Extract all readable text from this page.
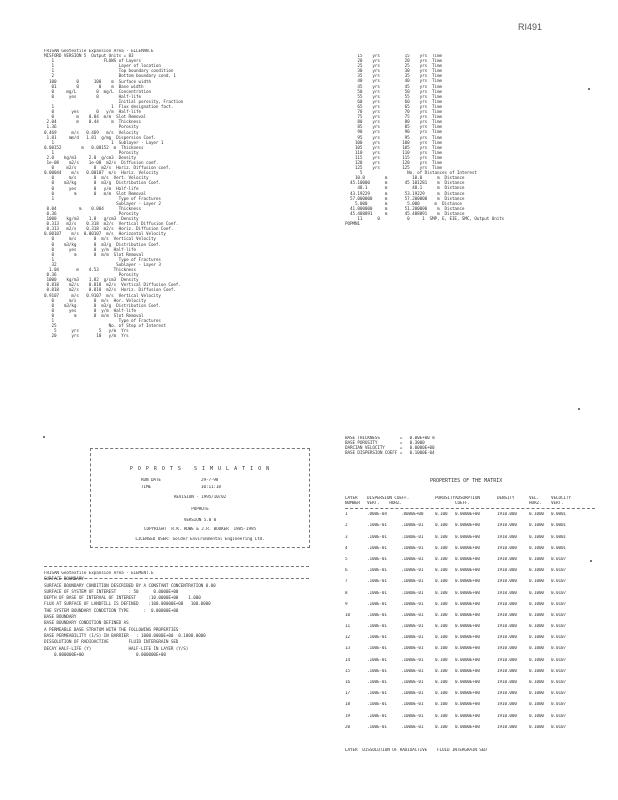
RI491
FRISAN Geotextile Expansion Area - ELLEMAN.E
MISFORD VERSION 5  Output Units = 83
1                    FLOWS of Layers
1                          Layer of location
1                          Top boundary condition
2                          Bottom boundary cond. 1
100        0      100    m  Surface width
01        0        0    m  Base width
0     mg/L        0  mg/L  Concentration
0      yes        0        Half-life
Initial porosity, Fraction
1                       1  Flux designation fact.
0       yes       0   y/m  Half-life
0         m    0.04  m/m  Slot Removal
2.04        m    0.44     m  Thickness
1.36                         Porosity
0.469      m/s   0.469   m/s  Velocity
1.81     mm/d   1.81  g/mg  Dispersion Coef.
1                       1  Sublayer - Layer 1
0.00152        m   0.00152  m  Thickness
1                          Porosity
2.0    kg/m3     2.0  g/cm3  Density
1e-08    m2/s    1e-08  m2/s  Diffusion coef.
0     m2/s       0  m2/s  Horiz. Diffusion coef.
0.00044    m/s   0.00107  m/s  Horiz. Velocity
0      m/s       0  m/s  Vert. Velocity
0    m3/kg       0  m3/g  Distribution Coef.
0      yes       0   y/m  Half-life
0        m       0   m/m  Slot Removal
1                          Type of Fractures
Sublayer - Layer 2
8.04         m    0.004      Thickness
0.36                         Porosity
1000    kg/m3    1.8   g/cm3  Density
0.313   m2/s    0.318  m2/s  Vertical Diffusion Coef.
0.313   m2/s    0.318  m2/s  Horiz. Diffusion Coef.
0.00107    m/s  0.00107  m/s  Horizontal Velocity
0      m/s       0  m/s  Vertical Velocity
0    m3/kg       0  m3/g  Distribution Coef.
0      yes       0  y/m  Half-life
0        m       0  m/m  Slot Removal
1                          Type of Fractures
32                        Sublayer - Layer 3
1.04       m    4.53      Thickness
0.36                         Porosity
1000    kg/m3    1.82  g/cm3  Density
0.818    m2/s    0.818  m2/s  Vertical Diffusion Coef.
0.818    m2/s    0.818  m2/s  Horiz. Diffusion Coef.
0.9107     m/s   0.9107  m/s  Vertical Velocity
0      m/s       0  m/s  Hor. Velocity
0    m3/kg       0  m3/g  Distribution Coef.
0      yes       0  y/m  Half-life
0        m       0  m/m  Slot Removal
1                          Type of Fractures
25                     No. of Step of Interest
5      yrs        5   y/m  Yrs
20      yrs       10   y/m  Yrs
15    yrs          15    yrs  Time
20    yrs          20    yrs  Time
25    yrs          25    yrs  Time
30    yrs          30    yrs  Time
35    yrs          35    yrs  Time
40    yrs          40    yrs  Time
45    yrs          45    yrs  Time
50    yrs          50    yrs  Time
55    yrs          55    yrs  Time
60    yrs          60    yrs  Time
65    yrs          65    yrs  Time
70    yrs          70    yrs  Time
75    yrs          75    yrs  Time
80    yrs          80    yrs  Time
85    yrs          85    yrs  Time
90    yrs          90    yrs  Time
95    yrs          95    yrs  Time
100    yrs         100    yrs  Time
105    yrs         105    yrs  Time
110    yrs         110    yrs  Time
115    yrs         115    yrs  Time
120    yrs         120    yrs  Time
125    yrs         125    yrs  Time
5                  No. of Distances of Interest
10.0        m          10.0      m  Distance
45.10000      m       45 101281    m  Distance
48.1       m          48.1      m  Distance
43.19229      m       53.19229     m  Distance
57.000000     m       57.200000    m  Distance
5.000       m        5.000      m  Distance
41.000000     m       51.200000    m  Distance
45.488891     m       45.488891    m  Distance
11      0           0     1  SMP, E, EIE, SMC, Output Units
POPMN1
P O P R O T S   S I M U L A T I O N
RUN DATE	29-7-98
TIME	10:11:18
REVISION - 1995/10/02
POPROTE
VERSION 5.0 0
COPYRIGHT  R.K. ROWE & J.R. BOOKER  1985-1995
LICENSED USER: Golder Environmental Engineering Ltd.
FRISAN Geotextile Expansion Area - ELEMENT.E
SURFACE BOUNDARY
SURFACE BOUNDARY CONDITION DESCRIBED BY A CONSTANT CONCENTRATION 0.00
SURFACE OF SYSTEM OF INTEREST     : 50      0.0000E+00
DEPTH OF BASE OF INTERVAL OF INTEREST     :10.0000E+00    1.000
FLUX AT SURFACE OF LANDFILL IS DEFINED    :100.00000E+00   100.0000
THE SYSTEM BOUNDARY CONDITION TYPE      :  0.00000E+00
BASE BOUNDARY
BASE BOUNDARY CONDITION DEFINED AS
A PERMEABLE BASE STRATUM WITH THE FOLLOWING PROPERTIES
BASE PERMEABILITY (1/S) IN BARRIER   : 1000.0000E+00  0.1000.0000
DISSOLUTION OF RADIOACTIVE        FLUID INTERGRAIN SED
DECAY HALF-LIFE (Y)               HALF-LIFE IN LAYER (Y/S)
0.000000E+00                     0.000000E+00
BASE THICKNESS        =   0.00E+00 m
BASE POROSITY         =   0.3000
DARCIAN VELOCITY      =   0.0000E+00
BASE DISPERSION COEFF =   0.1000E-04
PROPERTIES OF THE MATRIX
LAYER	DISPERSION COEFF.	POROSITY ADSORPTION	DENSITY	VEL.	VELOCITY
NUMBER	VERT.    HORZ.	COEFF.	HORZ.	VERT.
1	.800E-04	.8000E+00	0.100	0.0000E+00	1910.000	0.1000	0.0001
2	.100E-01	.1000E-01	0.100	0.0000E+00	1910.000	0.1000	0.0001
3	.100E-01	.1000E-01	0.100	0.0000E+00	1910.000	0.1000	0.0001
4	.100E-01	.1000E-01	0.100	0.0000E+00	1910.000	0.1000	0.0001
5	.100E-01	.1000E-01	0.100	0.0000E+00	1910.000	0.1000	0.0107
6	.100E-01	.1000E-01	0.100	0.0000E+00	1910.000	0.1000	0.0107
7	.100E-01	.1000E-01	0.100	0.0000E+00	1910.000	0.1000	0.0107
8	.100E-01	.1000E-01	0.100	0.0000E+00	1910.000	0.1000	0.0107
9	.100E-01	.1000E-01	0.100	0.0000E+00	1910.000	0.1000	0.0107
10	.100E-01	.1000E-01	0.100	0.0000E+00	1910.000	0.1000	0.0107
11	.100E-01	.1000E-01	0.100	0.0000E+00	1910.000	0.1000	0.0107
12	.100E-01	.1000E-01	0.100	0.0000E+00	1910.000	0.1000	0.0107
13	.100E-01	.1000E-01	0.100	0.0000E+00	1910.000	0.1000	0.0107
14	.100E-01	.1000E-01	0.100	0.0000E+00	1910.000	0.1000	0.0107
15	.100E-01	.1000E-01	0.100	0.0000E+00	1910.000	0.1000	0.0107
16	.100E-01	.1000E-01	0.100	0.0000E+00	1910.000	0.1000	0.0107
17	.100E-01	.1000E-01	0.100	0.0000E+00	1910.000	0.1000	0.0107
18	.100E-01	.1000E-01	0.100	0.0000E+00	1910.000	0.1000	0.0107
19	.100E-01	.1000E-01	0.100	0.0000E+00	1910.000	0.1000	0.0107
20	.100E-01	.1000E-01	0.100	0.0000E+00	1910.000	0.1000	0.0107
LAYER  DISSOLUTION OF RADIOACTIVE    FLUID INTERGRAIN SED
